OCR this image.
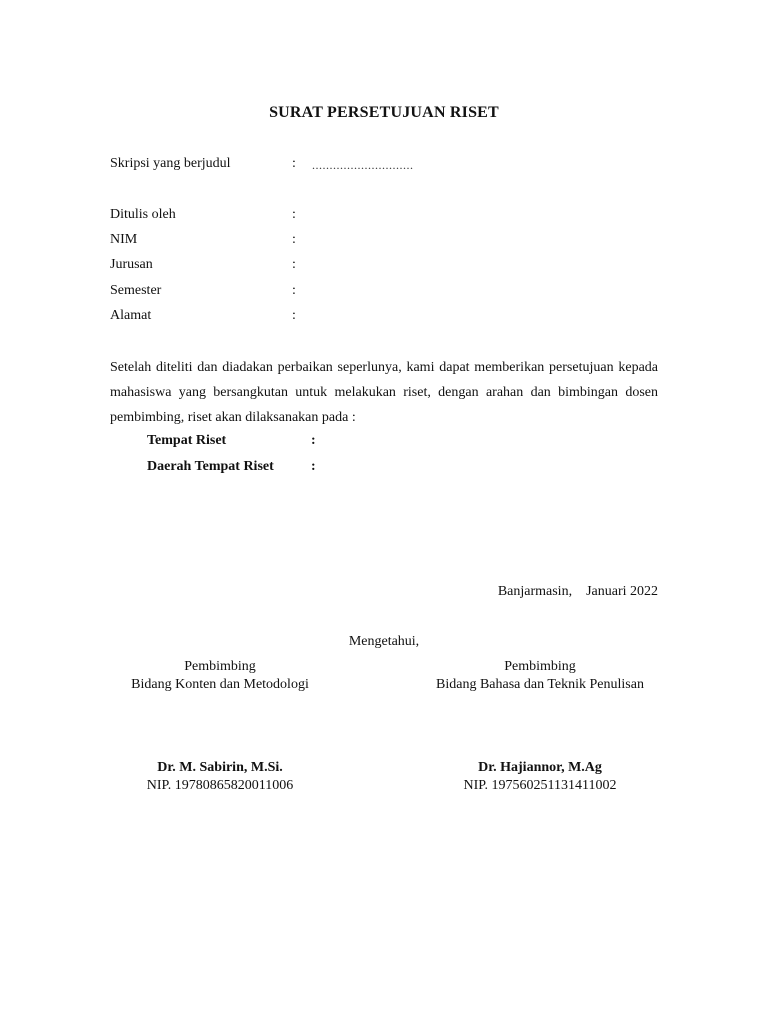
SURAT PERSETUJUAN RISET
Skripsi yang berjudul	: .............................
Ditulis oleh	:
NIM	:
Jurusan	:
Semester	:
Alamat	:
Setelah diteliti dan diadakan perbaikan seperlunya, kami dapat memberikan persetujuan kepada mahasiswa yang bersangkutan untuk melakukan riset, dengan arahan dan bimbingan dosen pembimbing, riset akan dilaksanakan pada :
Tempat Riset	:
Daerah Tempat Riset	:
Banjarmasin,    Januari 2022
Mengetahui,
Pembimbing
Bidang Konten dan Metodologi
Dr. M. Sabirin, M.Si.
NIP. 19780865820011006
Pembimbing
Bidang Bahasa dan Teknik Penulisan
Dr. Hajiannor, M.Ag
NIP. 197560251131411002
